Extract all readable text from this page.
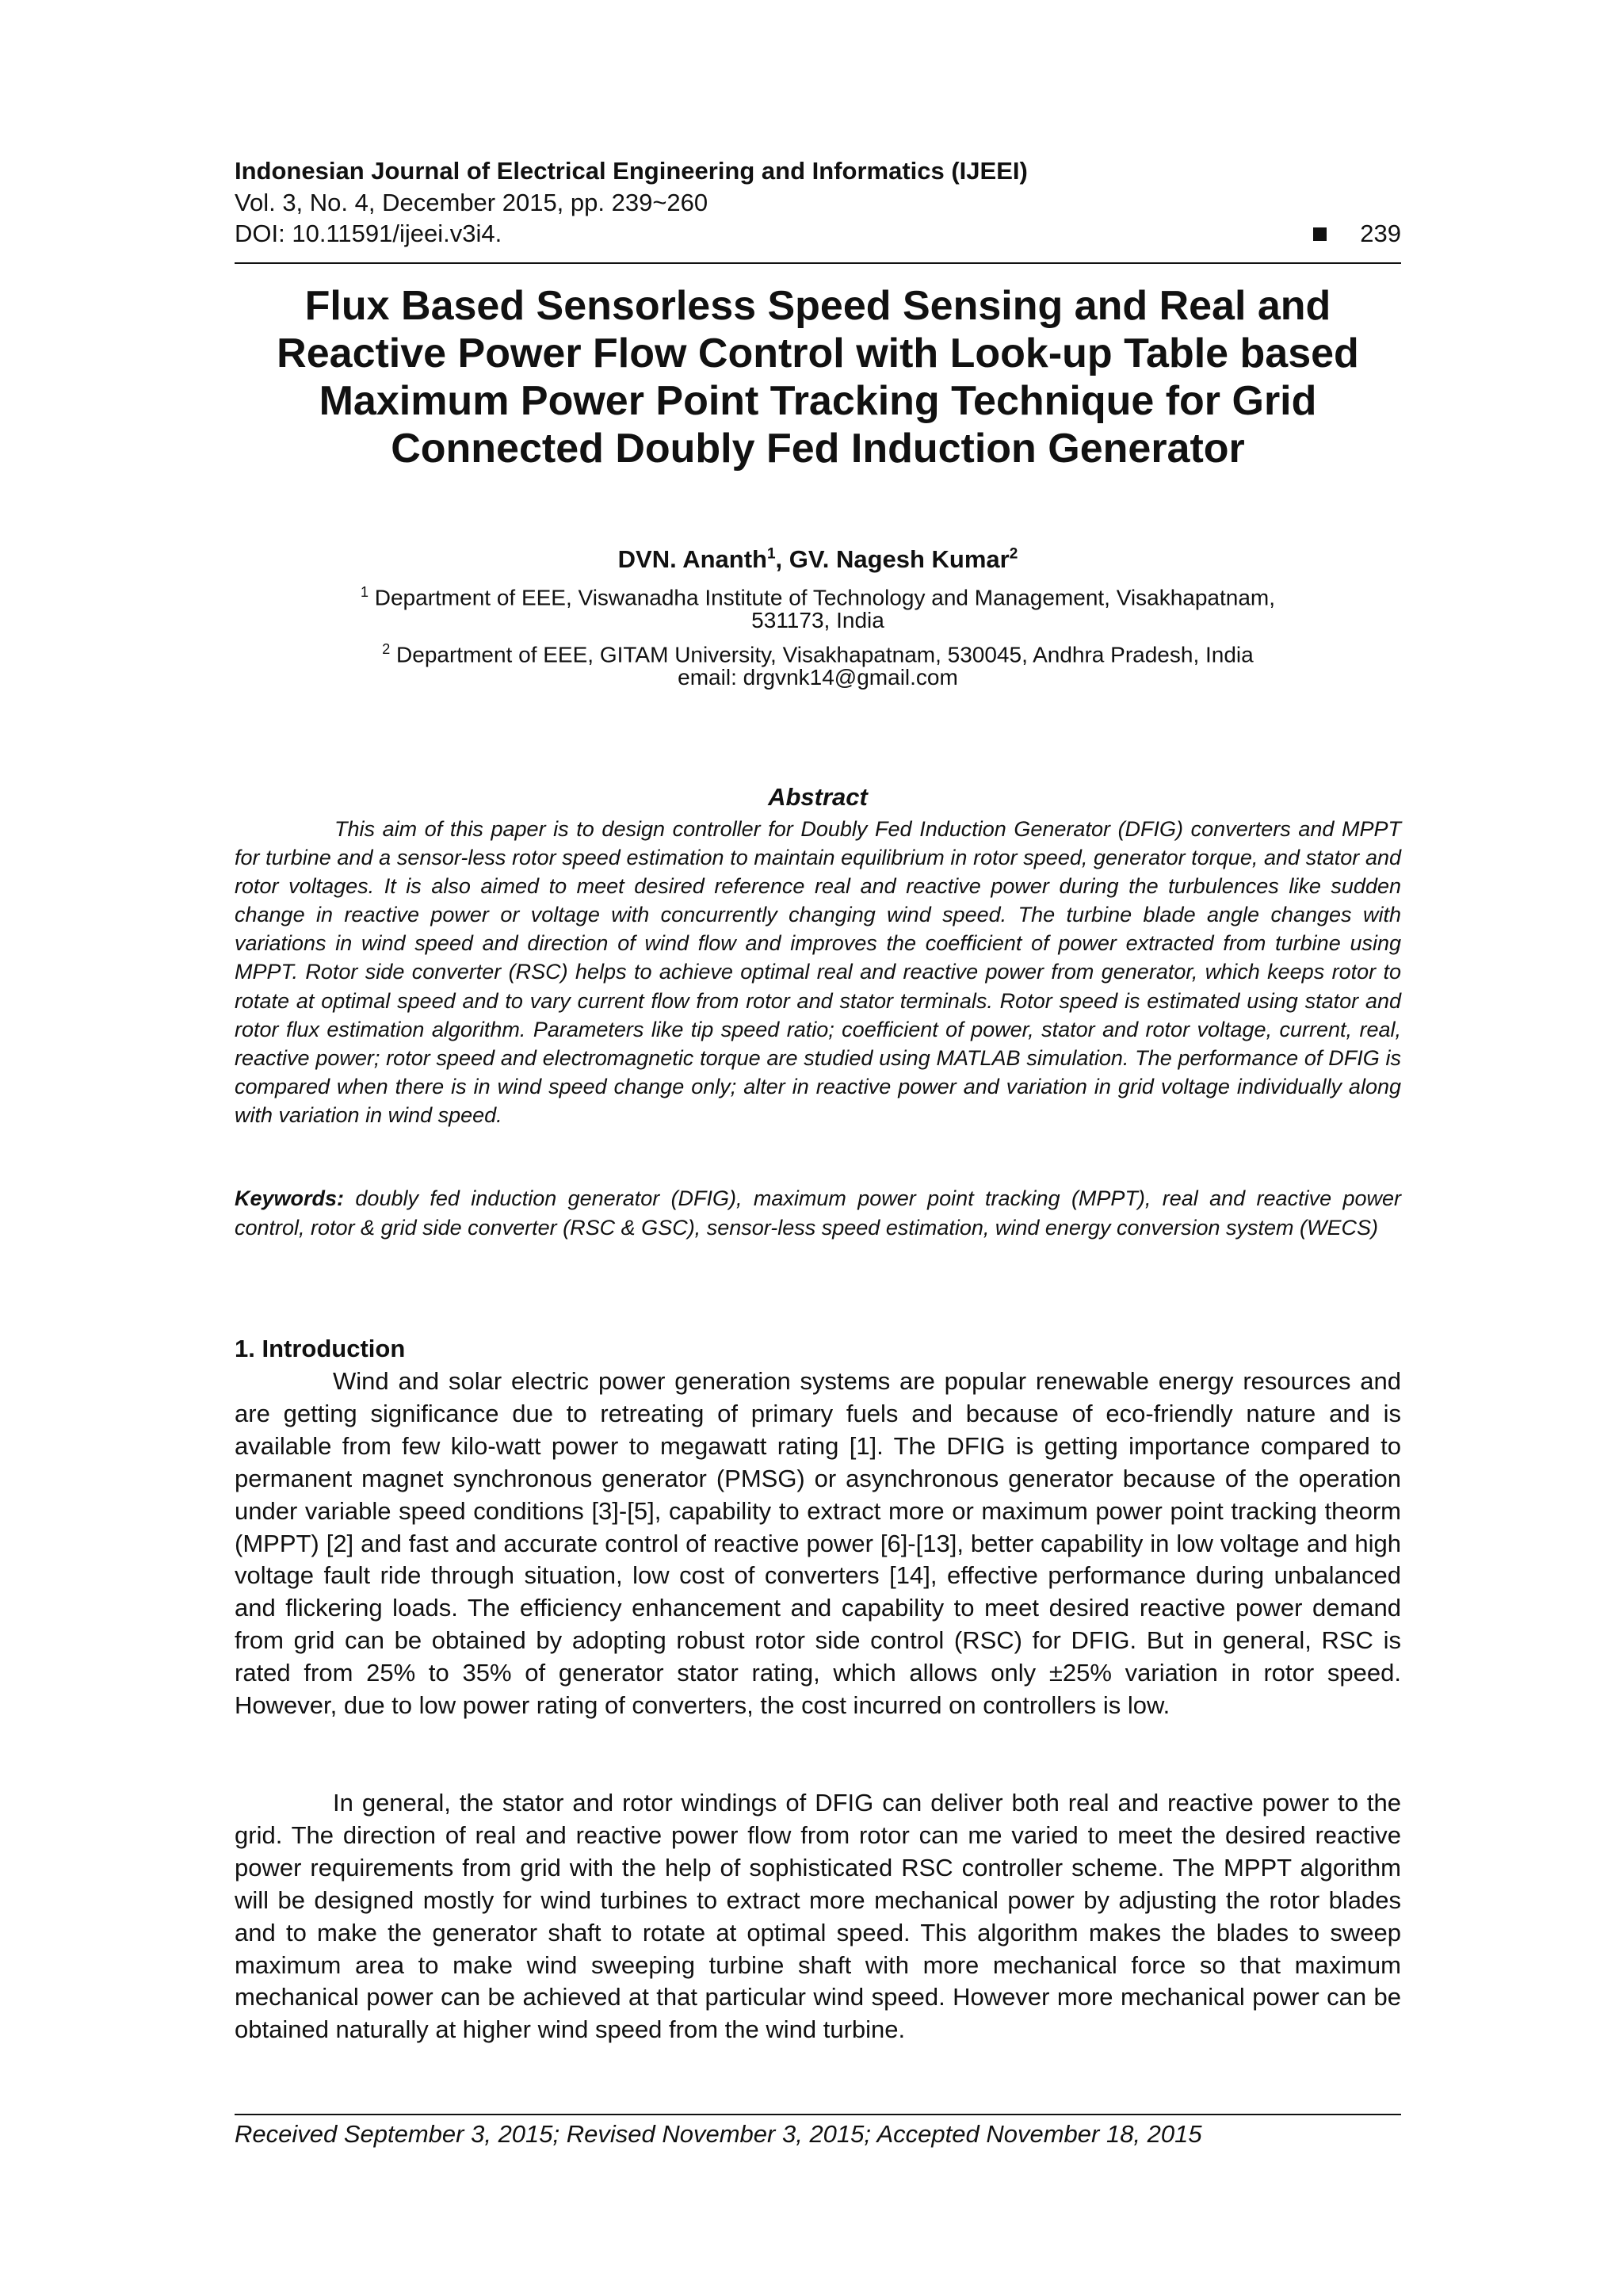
Indonesian Journal of Electrical Engineering and Informatics (IJEEI)
Vol. 3, No. 4, December 2015, pp. 239~260
DOI: 10.11591/ijeei.v3i4.	239
Flux Based Sensorless Speed Sensing and Real and Reactive Power Flow Control with Look-up Table based Maximum Power Point Tracking Technique for Grid Connected Doubly Fed Induction Generator
DVN. Ananth$^1$, GV. Nagesh Kumar$^2$
$^1$ Department of EEE, Viswanadha Institute of Technology and Management, Visakhapatnam,
531173, India
$^2$ Department of EEE, GITAM University, Visakhapatnam, 530045, Andhra Pradesh, India
email: drgvnk14@gmail.com
Abstract

This aim of this paper is to design controller for Doubly Fed Induction Generator (DFIG) converters and MPPT for turbine and a sensor-less rotor speed estimation to maintain equilibrium in rotor speed, generator torque, and stator and rotor voltages. It is also aimed to meet desired reference real and reactive power during the turbulences like sudden change in reactive power or voltage with concurrently changing wind speed. The turbine blade angle changes with variations in wind speed and direction of wind flow and improves the coefficient of power extracted from turbine using MPPT. Rotor side converter (RSC) helps to achieve optimal real and reactive power from generator, which keeps rotor to rotate at optimal speed and to vary current flow from rotor and stator terminals. Rotor speed is estimated using stator and rotor flux estimation algorithm. Parameters like tip speed ratio; coefficient of power, stator and rotor voltage, current, real, reactive power; rotor speed and electromagnetic torque are studied using MATLAB simulation. The performance of DFIG is compared when there is in wind speed change only; alter in reactive power and variation in grid voltage individually along with variation in wind speed.

Keywords: doubly fed induction generator (DFIG), maximum power point tracking (MPPT), real and reactive power control, rotor & grid side converter (RSC & GSC), sensor-less speed estimation, wind energy conversion system (WECS)

1. Introduction

Wind and solar electric power generation systems are popular renewable energy resources and are getting significance due to retreating of primary fuels and because of eco-friendly nature and is available from few kilo-watt power to megawatt rating [1]. The DFIG is getting importance compared to permanent magnet synchronous generator (PMSG) or asynchronous generator because of the operation under variable speed conditions [3]-[5], capability to extract more or maximum power point tracking theorm (MPPT) [2] and fast and accurate control of reactive power [6]-[13], better capability in low voltage and high voltage fault ride through situation, low cost of converters [14], effective performance during unbalanced and flickering loads. The efficiency enhancement and capability to meet desired reactive power demand from grid can be obtained by adopting robust rotor side control (RSC) for DFIG. But in general, RSC is rated from 25% to 35% of generator stator rating, which allows only ±25% variation in rotor speed. However, due to low power rating of converters, the cost incurred on controllers is low.

In general, the stator and rotor windings of DFIG can deliver both real and reactive power to the grid. The direction of real and reactive power flow from rotor can me varied to meet the desired reactive power requirements from grid with the help of sophisticated RSC controller scheme. The MPPT algorithm will be designed mostly for wind turbines to extract more mechanical power by adjusting the rotor blades and to make the generator shaft to rotate at optimal speed. This algorithm makes the blades to sweep maximum area to make wind sweeping turbine shaft with more mechanical force so that maximum mechanical power can be achieved at that particular wind speed. However more mechanical power can be obtained naturally at higher wind speed from the wind turbine.

Received September 3, 2015; Revised November 3, 2015; Accepted November 18, 2015
